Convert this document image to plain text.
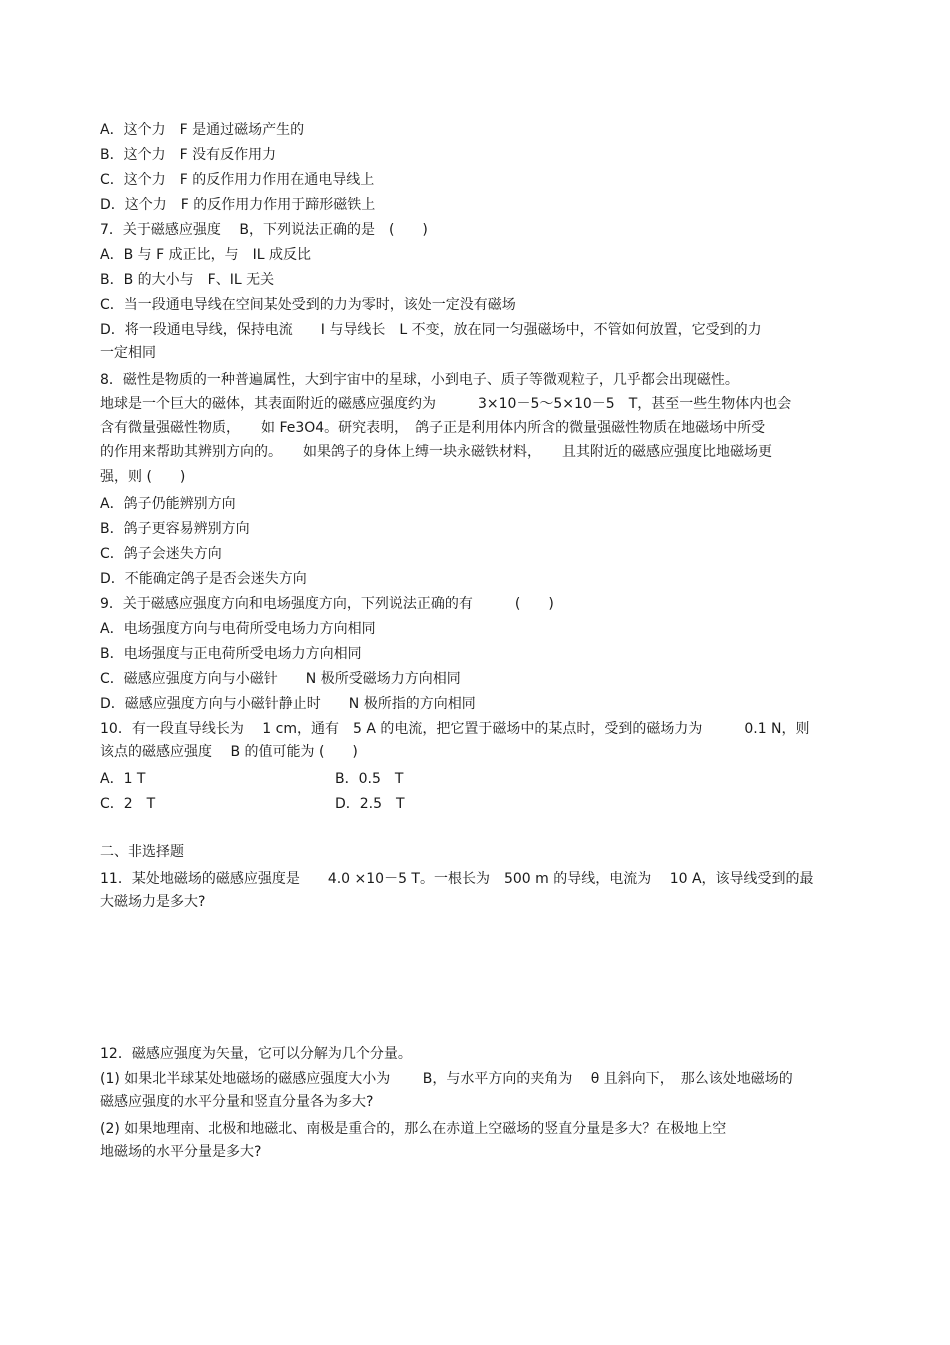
A．这个力　F 是通过磁场产生的
B．这个力　F 没有反作用力
C．这个力　F 的反作用力作用在通电导线上
D．这个力　F 的反作用力作用于蹄形磁铁上
7．关于磁感应强度　 B，下列说法正确的是　(　　)
A．B 与 F 成正比，与　IL 成反比
B．B 的大小与　F、IL 无关
C．当一段通电导线在空间某处受到的力为零时，该处一定没有磁场
D．将一段通电导线，保持电流　　I 与导线长　L 不变，放在同一匀强磁场中，不管如何放置，它受到的力
一定相同
8．磁性是物质的一种普遍属性，大到宇宙中的星球，小到电子、质子等微观粒子，几乎都会出现磁性。
地球是一个巨大的磁体，其表面附近的磁感应强度约为　　　3×10－5～5×10－5　T，甚至一些生物体内也会
含有微量强磁性物质，　　如 Fe3O4。研究表明，　鸽子正是利用体内所含的微量强磁性物质在地磁场中所受
的作用来帮助其辨别方向的。　　如果鸽子的身体上缚一块永磁铁材料，　　且其附近的磁感应强度比地磁场更
强，则 (　　)
A．鸽子仍能辨别方向
B．鸽子更容易辨别方向
C．鸽子会迷失方向
D．不能确定鸽子是否会迷失方向
9．关于磁感应强度方向和电场强度方向，下列说法正确的有　　　(　　)
A．电场强度方向与电荷所受电场力方向相同
B．电场强度与正电荷所受电场力方向相同
C．磁感应强度方向与小磁针　　N 极所受磁场力方向相同
D．磁感应强度方向与小磁针静止时　　N 极所指的方向相同
10．有一段直导线长为　 1 cm，通有　5 A 的电流，把它置于磁场中的某点时，受到的磁场力为　　　0.1 N，则
该点的磁感应强度　 B 的值可能为 (　　)
A．1 T	B．0.5　T
C．2　T	D．2.5　T
二、非选择题
11．某处地磁场的磁感应强度是　　4.0 ×10－5 T。一根长为　500 m 的导线，电流为　 10 A，该导线受到的最
大磁场力是多大?
12．磁感应强度为矢量，它可以分解为几个分量。
(1) 如果北半球某处地磁场的磁感应强度大小为　　 B，与水平方向的夹角为　 θ 且斜向下，　那么该处地磁场的
磁感应强度的水平分量和竖直分量各为多大?
(2) 如果地理南、北极和地磁北、南极是重合的，那么在赤道上空磁场的竖直分量是多大？在极地上空
地磁场的水平分量是多大?
